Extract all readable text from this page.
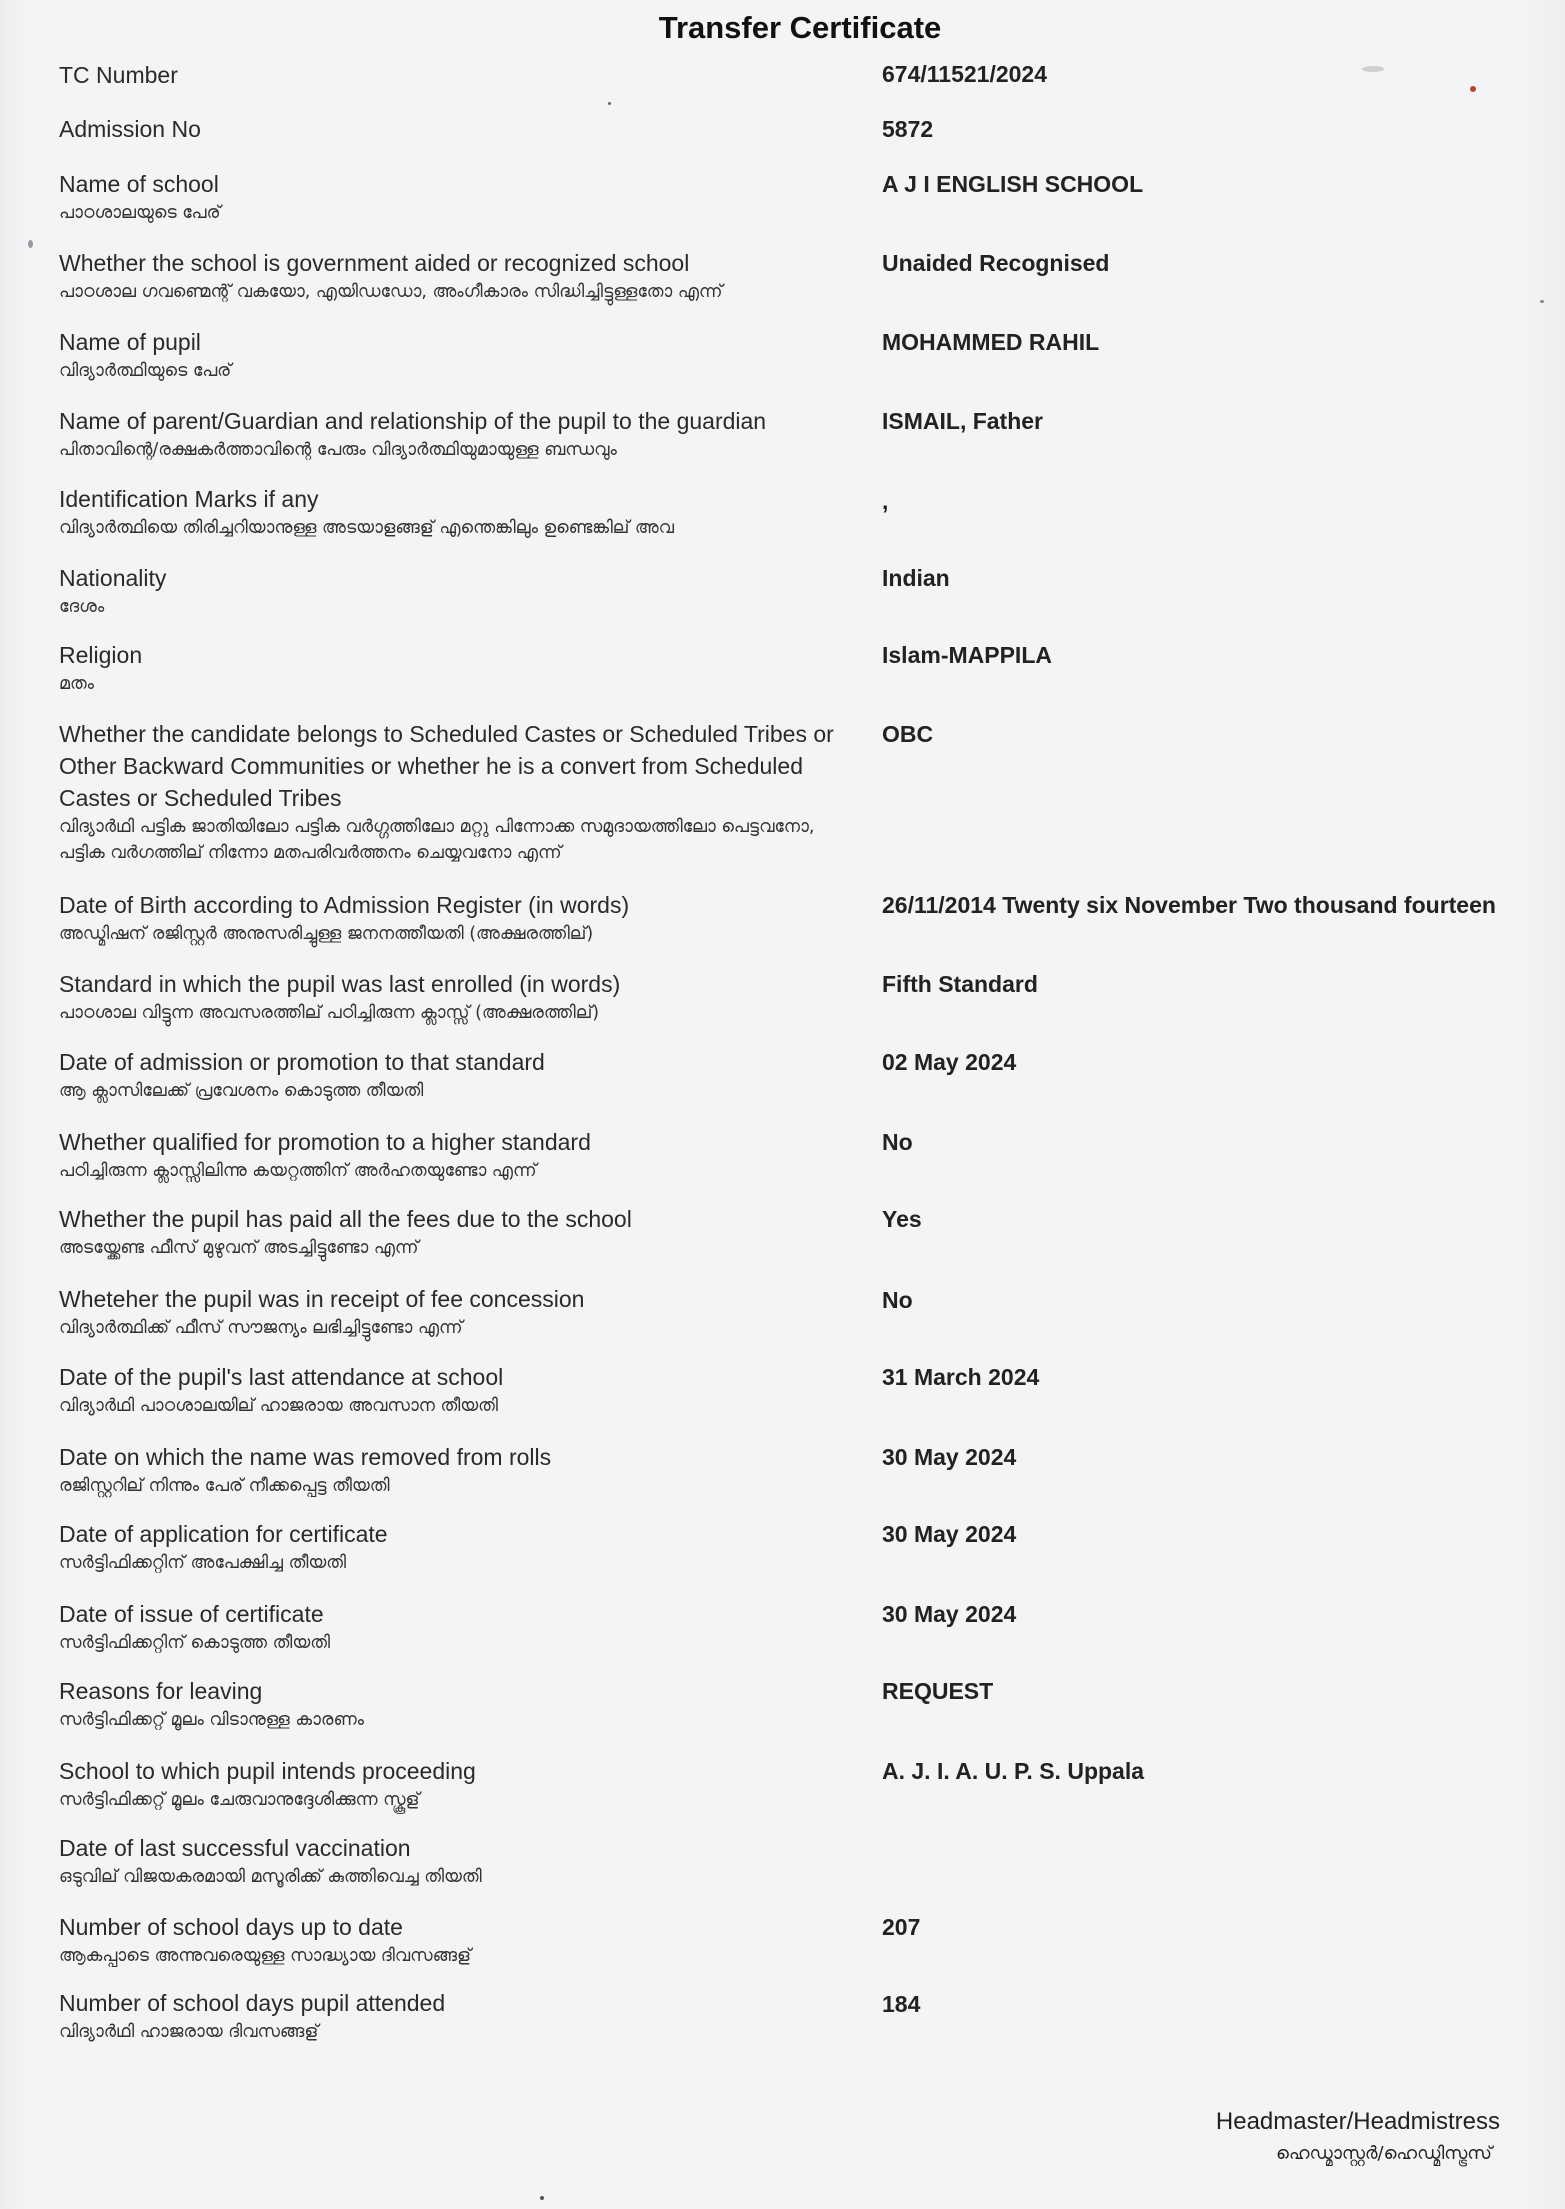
Transfer Certificate
TC Number	674/11521/2024
Admission No	5872
Name of school
പാഠശാലയുടെ പേര്
A J I ENGLISH SCHOOL
Whether the school is government aided or recognized school
പാഠശാല ഗവണ്മെന്റ് വകയോ, എയിഡഡോ, അംഗീകാരം സിദ്ധിച്ചിട്ടുള്ളതോ എന്ന്
Unaided Recognised
Name of pupil
വിദ്യാർത്ഥിയുടെ പേര്
MOHAMMED RAHIL
Name of parent/Guardian and relationship of the pupil to the guardian
പിതാവിന്റെ/രക്ഷകർത്താവിന്റെ പേരും വിദ്യാർത്ഥിയുമായുള്ള ബന്ധവും
ISMAIL, Father
Identification Marks if any
വിദ്യാർത്ഥിയെ തിരിച്ചറിയാനുള്ള അടയാളങ്ങള് എന്തെങ്കിലും ഉണ്ടെങ്കില് അവ
,
Nationality
ദേശം
Indian
Religion
മതം
Islam-MAPPILA
Whether the candidate belongs to Scheduled Castes or Scheduled Tribes or Other Backward Communities or whether he is a convert from Scheduled Castes or Scheduled Tribes
വിദ്യാർഥി പട്ടിക ജാതിയിലോ പട്ടിക വർഗ്ഗത്തിലോ മറ്റു പിന്നോക്ക സമുദായത്തിലോ പെട്ടവനോ, പട്ടിക വർഗത്തില് നിന്നോ മതപരിവർത്തനം ചെയ്യവനോ എന്ന്
OBC
Date of Birth according to Admission Register (in words)
അഡ്മിഷന് രജിസ്റ്റർ അനുസരിച്ചുള്ള ജനനത്തീയതി (അക്ഷരത്തില്)
26/11/2014 Twenty six November Two thousand fourteen
Standard in which the pupil was last enrolled (in words)
പാഠശാല വിട്ടുന്ന അവസരത്തില് പഠിച്ചിരുന്ന ക്ലാസ്സ് (അക്ഷരത്തില്)
Fifth Standard
Date of admission or promotion to that standard
ആ ക്ലാസിലേക്ക് പ്രവേശനം കൊടുത്ത തീയതി
02 May 2024
Whether qualified for promotion to a higher standard
പഠിച്ചിരുന്ന ക്ലാസ്സിലിന്നു കയറ്റത്തിന് അർഹതയുണ്ടോ എന്ന്
No
Whether the pupil has paid all the fees due to the school
അടയ്ക്കേണ്ട ഫീസ് മുഴുവന് അടച്ചിട്ടുണ്ടോ എന്ന്
Yes
Wheteher the pupil was in receipt of fee concession
വിദ്യാർത്ഥിക്ക് ഫീസ് സൗജന്യം ലഭിച്ചിട്ടുണ്ടോ എന്ന്
No
Date of the pupil's last attendance at school
വിദ്യാർഥി പാഠശാലയില് ഹാജരായ അവസാന തീയതി
31 March 2024
Date on which the name was removed from rolls
രജിസ്റ്ററില് നിന്നും പേര് നീക്കപ്പെട്ട തീയതി
30 May 2024
Date of application for certificate
സർട്ടിഫിക്കറ്റിന് അപേക്ഷിച്ച തീയതി
30 May 2024
Date of issue of certificate
സർട്ടിഫിക്കറ്റിന് കൊടുത്ത തീയതി
30 May 2024
Reasons for leaving
സർട്ടിഫിക്കറ്റ് മൂലം വിടാനുള്ള കാരണം
REQUEST
School to which pupil intends proceeding
സർട്ടിഫിക്കറ്റ് മൂലം ചേരുവാനുദ്ദേശിക്കുന്ന സ്കൂള്
A. J. I. A. U. P. S. Uppala
Date of last successful vaccination
ഒടുവില് വിജയകരമായി മസൂരിക്ക് കുത്തിവെച്ച തിയതി
Number of school days up to date
ആകപ്പാടെ അന്നുവരെയുള്ള സാദ്ധ്യായ ദിവസങ്ങള്
207
Number of school days pupil attended
വിദ്യാർഥി ഹാജരായ ദിവസങ്ങള്
184
Headmaster/Headmistress
ഹെഡ്മാസ്റ്റർ/ഹെഡ്മിസ്ട്രസ്
